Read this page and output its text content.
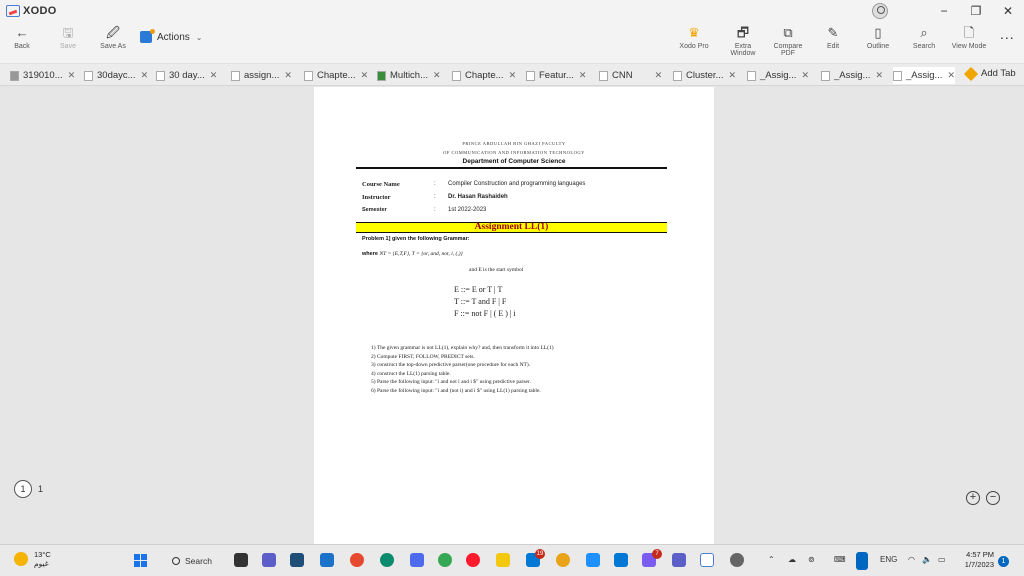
XODO	−	❐	✕
←
Back
🖫
Save
🖉
Save As
Actions ⌄	♛
Xodo Pro
🗗
Extra
Window
⧉
Compare
PDF
✎
Edit
▯
Outline
⌕
Search
🗋
View Mode
...
319010... ✕ 30dayc... ✕ 30 day... ✕	assign... ✕	Chapte... ✕ Multich... ✕	Chapte... ✕ Featur... ✕	CNN ✕	Cluster... ✕	_Assig... ✕	_Assig... ✕ _Assig... ✕	Add Tab
PRINCE ABDULLAH BIN GHAZI FACULTY
OF COMMUNICATION AND INFORMATION TECHNOLOGY
Department of Computer Science
Course Name	:	Compiler Construction and programming languages
Instructor	:	Dr. Hasan Rashaideh
Semester	:	1st 2022-2023
Assignment LL(1)
Problem 1] given the following Grammar:
where NT = {E,T,F}, T = {or, and, not, i, (,)}
and E is the start symbol
E ::= E or T | T
T ::= T and F | F
F ::= not F | ( E ) | i
1) The given grammar is not LL(1), explain why? and, then transform it into LL(1)
2) Compute FIRST, FOLLOW, PREDICT sets.
3) construct the top-down predictive parser(one procedure for each NT).
4) construct the LL(1) parsing table.
5) Parse the following input: "i and not i and i $" using predictive parser.
6) Parse the following input: "i and (not i) and i $" using LL(1) parsing table.
1	1
+	−
13°C
غيوم	Search
19	7
⌃ ☁ ⊚ ⌨	ENG ◠ 🔈 ▭
4:57 PM
1/7/2023	1
